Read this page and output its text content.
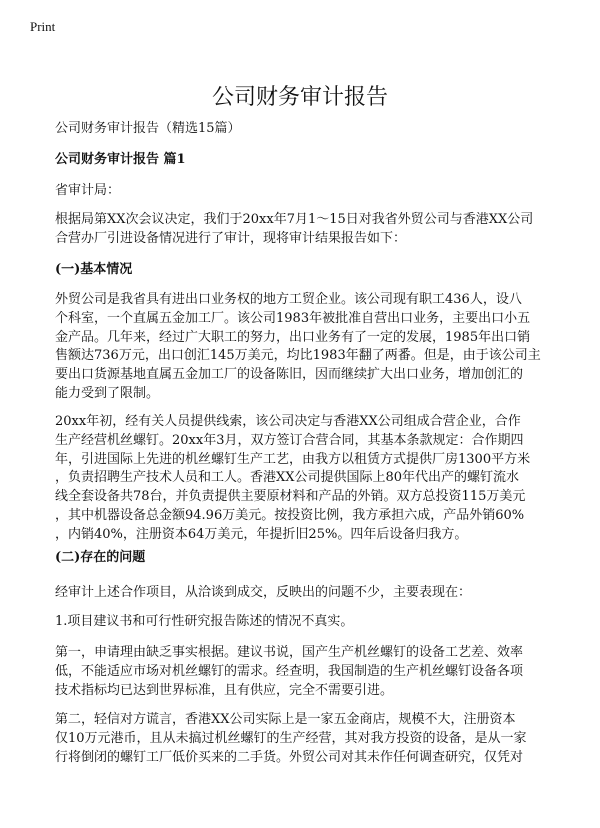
Print
公司财务审计报告
公司财务审计报告（精选15篇）
公司财务审计报告 篇1
省审计局：
根据局第XX次会议决定，我们于20xx年7月1～15日对我省外贸公司与香港XX公司
合营办厂引进设备情况进行了审计，现将审计结果报告如下：
(一)基本情况
外贸公司是我省具有进出口业务权的地方工贸企业。该公司现有职工436人，设八
个科室，一个直属五金加工厂。该公司1983年被批准自营出口业务，主要出口小五
金产品。几年来，经过广大职工的努力，出口业务有了一定的发展，1985年出口销
售额达736万元，出口创汇145万美元，均比1983年翻了两番。但是，由于该公司主
要出口货源基地直属五金加工厂的设备陈旧，因而继续扩大出口业务，增加创汇的
能力受到了限制。
20xx年初，经有关人员提供线索，该公司决定与香港XX公司组成合营企业，合作
生产经营机丝螺钉。20xx年3月，双方签订合营合同，其基本条款规定：合作期四
年，引进国际上先进的机丝螺钉生产工艺，由我方以租赁方式提供厂房1300平方米
，负责招聘生产技术人员和工人。香港XX公司提供国际上80年代出产的螺钉流水
线全套设备共78台，并负责提供主要原材料和产品的外销。双方总投资115万美元
，其中机器设备总金额94.96万美元。按投资比例，我方承担六成，产品外销60%
，内销40%，注册资本64万美元，年提折旧25%。四年后设备归我方。
(二)存在的问题
经审计上述合作项目，从洽谈到成交，反映出的问题不少，主要表现在：
1.项目建议书和可行性研究报告陈述的情况不真实。
第一，申请理由缺乏事实根据。建议书说，国产生产机丝螺钉的设备工艺差、效率
低，不能适应市场对机丝螺钉的需求。经查明，我国制造的生产机丝螺钉设备各项
技术指标均已达到世界标准，且有供应，完全不需要引进。
第二，轻信对方谎言，香港XX公司实际上是一家五金商店，规模不大，注册资本
仅10万元港币，且从未搞过机丝螺钉的生产经营，其对我方投资的设备，是从一家
行将倒闭的螺钉工厂低价买来的二手货。外贸公司对其未作任何调查研究，仅凭对
